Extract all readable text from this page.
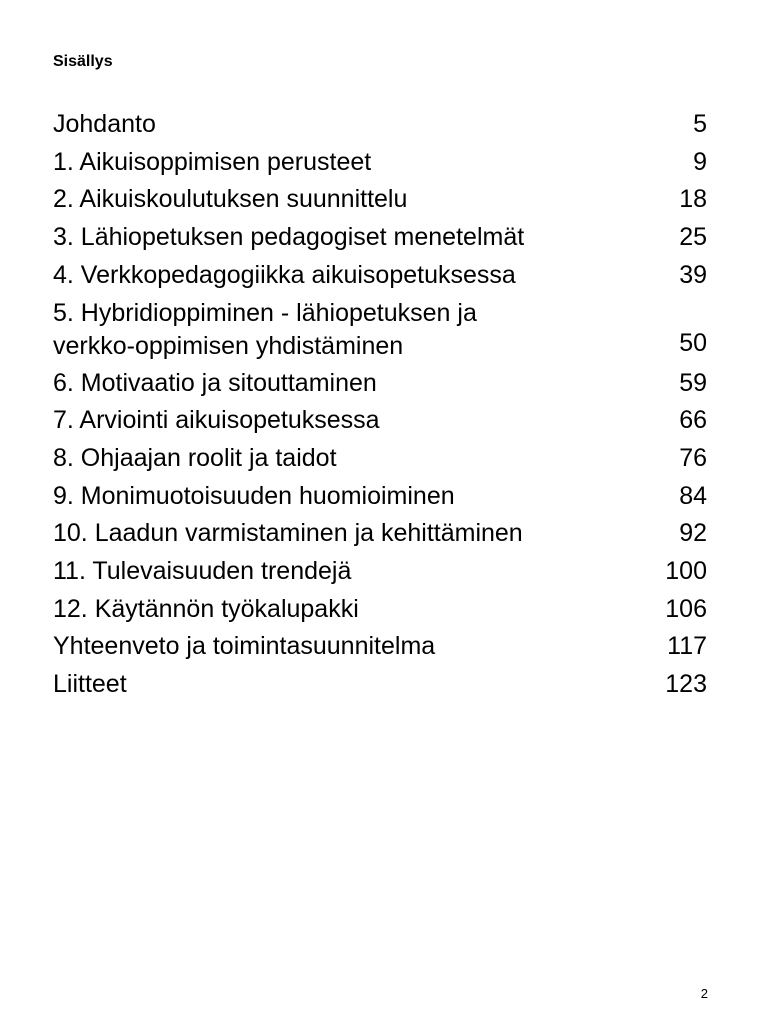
Sisällys
Johdanto	5
1. Aikuisoppimisen perusteet	9
2. Aikuiskoulutuksen suunnittelu	18
3. Lähiopetuksen pedagogiset menetelmät	25
4. Verkkopedagogiikka aikuisopetuksessa	39
5. Hybridioppiminen - lähiopetuksen ja verkko-oppimisen yhdistäminen	50
6. Motivaatio ja sitouttaminen	59
7. Arviointi aikuisopetuksessa	66
8. Ohjaajan roolit ja taidot	76
9. Monimuotoisuuden huomioiminen	84
10. Laadun varmistaminen ja kehittäminen	92
11. Tulevaisuuden trendejä	100
12. Käytännön työkalupakki	106
Yhteenveto ja toimintasuunnitelma	117
Liitteet	123
2
